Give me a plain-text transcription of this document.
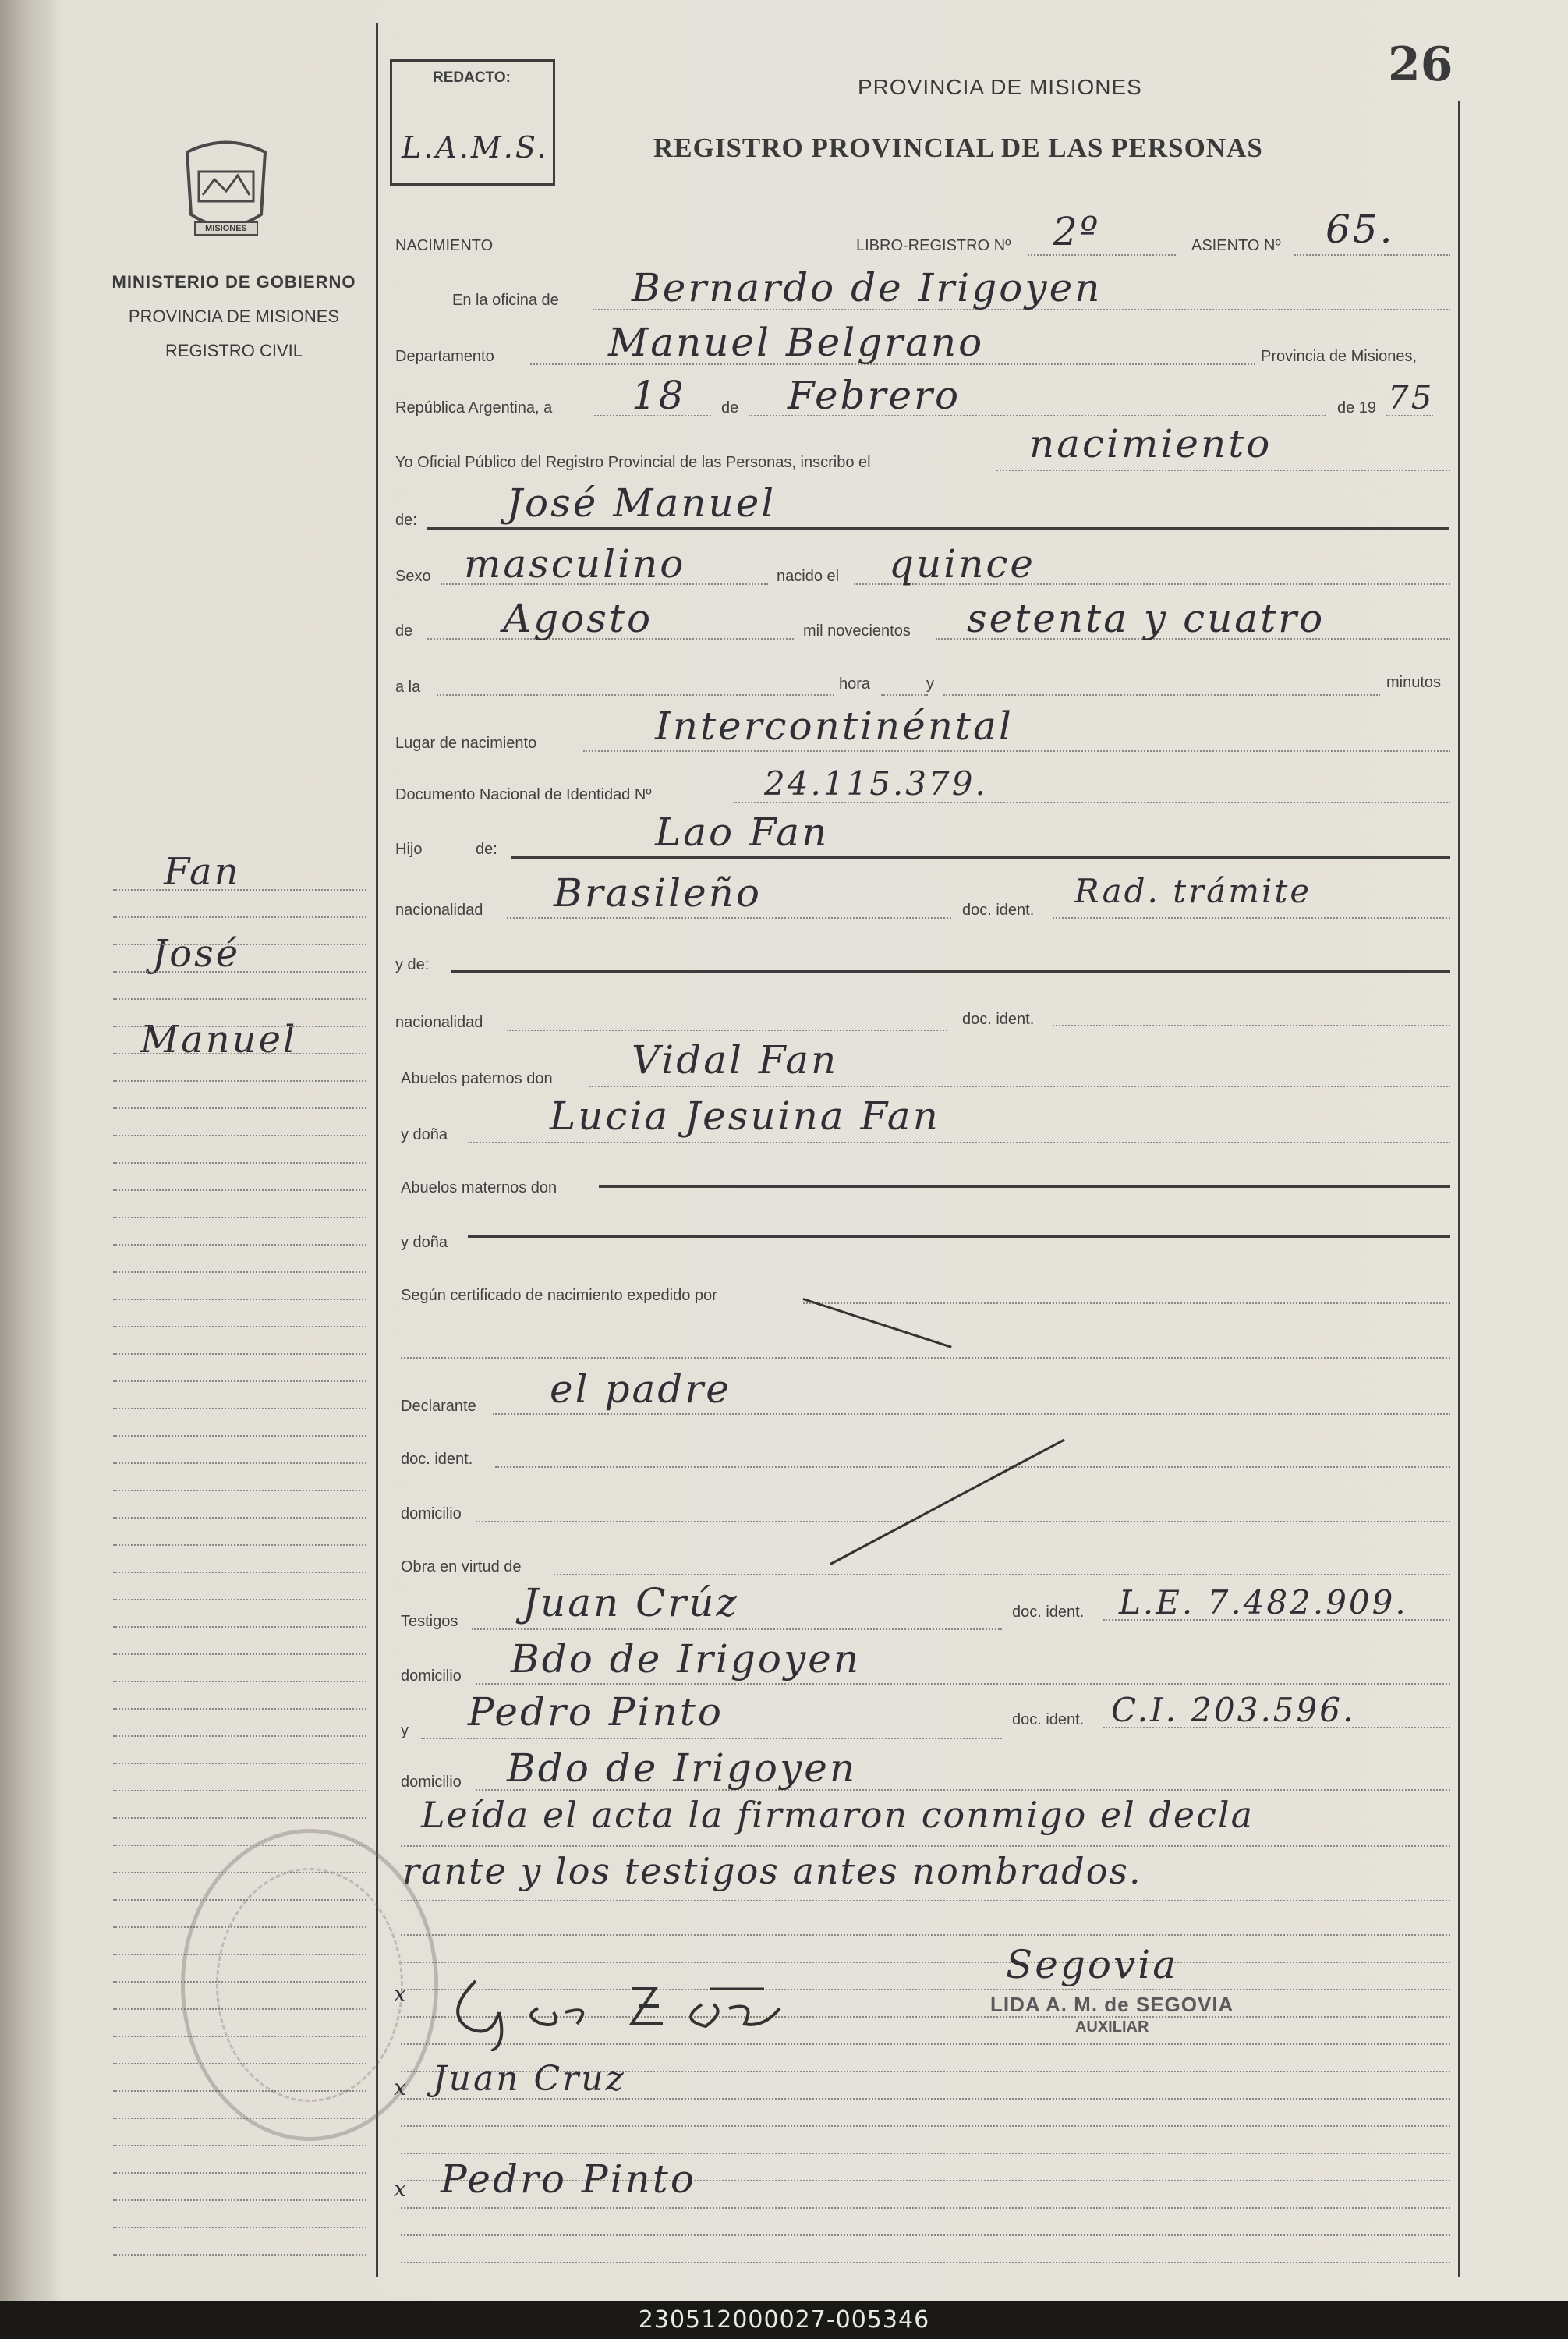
MISIONES
MINISTERIO DE GOBIERNO
PROVINCIA DE MISIONES
REGISTRO CIVIL
Fan
José
Manuel
REDACTO:
L.A.M.S.
PROVINCIA DE MISIONES
REGISTRO PROVINCIAL DE LAS PERSONAS
26
NACIMIENTO	LIBRO-REGISTRO Nº 2º	ASIENTO Nº 65.
En la oficina de Bernardo de Irigoyen
Departamento	Manuel Belgrano	Provincia de Misiones,
República Argentina, a 18 de Febrero	de 19 75
Yo Oficial Público del Registro Provincial de las Personas, inscribo el	nacimiento
de: José Manuel
Sexo masculino	nacido el quince
de Agosto	mil novecientos setenta y cuatro
a la	hora	y	minutos
Lugar de nacimiento	Intercontinéntal
Documento Nacional de Identidad Nº	24.115.379.
Hijo	de:	Lao Fan
nacionalidad Brasileño	doc. ident. Rad. trámite
y de:
nacionalidad	doc. ident.
Abuelos paternos don Vidal Fan
y doña	Lucia Jesuina Fan
Abuelos maternos don
y doña
Según certificado de nacimiento expedido por
Declarante el padre
doc. ident.
domicilio
Obra en virtud de
Testigos Juan Crúz	doc. ident. L.E. 7.482.909.
domicilio Bdo de Irigoyen
y Pedro Pinto	doc. ident. C.I. 203.596.
domicilio Bdo de Irigoyen
Leída el acta la firmaron conmigo el decla
rante y los testigos antes nombrados.
x
Segovia
LIDA A. M. de SEGOVIA
AUXILIAR
x Juan Cruz
x Pedro Pinto
230512000027-005346
